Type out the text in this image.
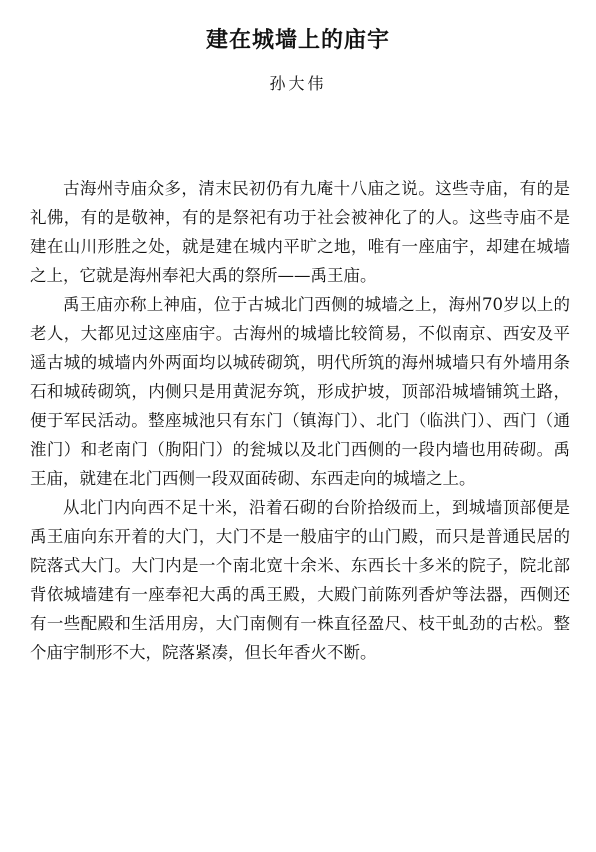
建在城墙上的庙宇
孙大伟

古海州寺庙众多，清末民初仍有九庵十八庙之说。这些寺庙，有的是礼佛，有的是敬神，有的是祭祀有功于社会被神化了的人。这些寺庙不是建在山川形胜之处，就是建在城内平旷之地，唯有一座庙宇，却建在城墙之上，它就是海州奉祀大禹的祭所——禹王庙。

禹王庙亦称上神庙，位于古城北门西侧的城墙之上，海州70岁以上的老人，大都见过这座庙宇。古海州的城墙比较简易，不似南京、西安及平遥古城的城墙内外两面均以城砖砌筑，明代所筑的海州城墙只有外墙用条石和城砖砌筑，内侧只是用黄泥夯筑，形成护坡，顶部沿城墙铺筑土路，便于军民活动。整座城池只有东门（镇海门）、北门（临洪门）、西门（通淮门）和老南门（朐阳门）的瓮城以及北门西侧的一段内墙也用砖砌。禹王庙，就建在北门西侧一段双面砖砌、东西走向的城墙之上。

从北门内向西不足十米，沿着石砌的台阶拾级而上，到城墙顶部便是禹王庙向东开着的大门，大门不是一般庙宇的山门殿，而只是普通民居的院落式大门。大门内是一个南北宽十余米、东西长十多米的院子，院北部背依城墙建有一座奉祀大禹的禹王殿，大殿门前陈列香炉等法器，西侧还有一些配殿和生活用房，大门南侧有一株直径盈尺、枝干虬劲的古松。整个庙宇制形不大，院落紧凑，但长年香火不断。
